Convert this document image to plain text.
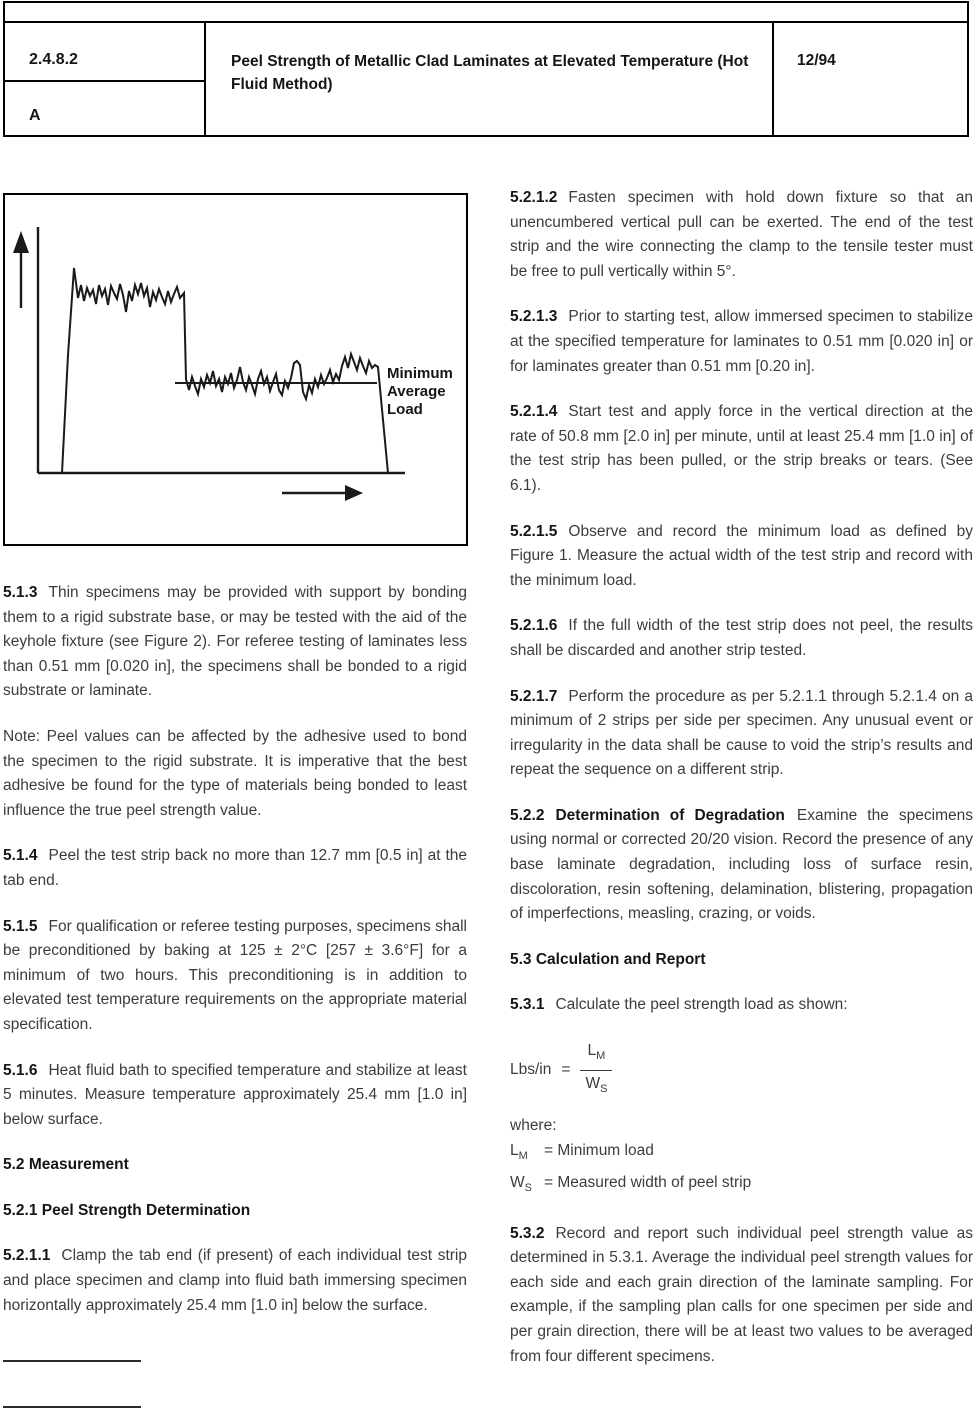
2.4.8.2
A
Peel Strength of Metallic Clad Laminates at Elevated Temperature (Hot Fluid Method)
12/94
Minimum
Average
Load

5.1.3 Thin specimens may be provided with support by bonding them to a rigid substrate base, or may be tested with the aid of the keyhole fixture (see Figure 2). For referee testing of laminates less than 0.51 mm [0.020 in], the specimens shall be bonded to a rigid substrate or laminate.

Note: Peel values can be affected by the adhesive used to bond the specimen to the rigid substrate. It is imperative that the best adhesive be found for the type of materials being bonded to least influence the true peel strength value.

5.1.4 Peel the test strip back no more than 12.7 mm [0.5 in] at the tab end.

5.1.5 For qualification or referee testing purposes, specimens shall be preconditioned by baking at 125 ± 2°C [257 ± 3.6°F] for a minimum of two hours. This preconditioning is in addition to elevated test temperature requirements on the appropriate material specification.

5.1.6 Heat fluid bath to specified temperature and stabilize at least 5 minutes. Measure temperature approximately 25.4 mm [1.0 in] below surface.

5.2 Measurement

5.2.1 Peel Strength Determination

5.2.1.1 Clamp the tab end (if present) of each individual test strip and place specimen and clamp into fluid bath immersing specimen horizontally approximately 25.4 mm [1.0 in] below the surface.

5.2.1.2 Fasten specimen with hold down fixture so that an unencumbered vertical pull can be exerted. The end of the test strip and the wire connecting the clamp to the tensile tester must be free to pull vertically within 5°.

5.2.1.3 Prior to starting test, allow immersed specimen to stabilize at the specified temperature for laminates to 0.51 mm [0.020 in] or for laminates greater than 0.51 mm [0.20 in].

5.2.1.4 Start test and apply force in the vertical direction at the rate of 50.8 mm [2.0 in] per minute, until at least 25.4 mm [1.0 in] of the test strip has been pulled, or the strip breaks or tears. (See 6.1).

5.2.1.5 Observe and record the minimum load as defined by Figure 1. Measure the actual width of the test strip and record with the minimum load.

5.2.1.6 If the full width of the test strip does not peel, the results shall be discarded and another strip tested.

5.2.1.7 Perform the procedure as per 5.2.1.1 through 5.2.1.4 on a minimum of 2 strips per side per specimen. Any unusual event or irregularity in the data shall be cause to void the strip’s results and repeat the sequence on a different strip.

5.2.2 Determination of Degradation Examine the specimens using normal or corrected 20/20 vision. Record the presence of any base laminate degradation, including loss of surface resin, discoloration, resin softening, delamination, blistering, propagation of imperfections, measling, crazing, or voids.

5.3 Calculation and Report

5.3.1 Calculate the peel strength load as shown:

$Lbs/in = \frac{L_M}{W_S}$
where:
$L_M$ = Minimum load
$W_S$ = Measured width of peel strip

5.3.2 Record and report such individual peel strength value as determined in 5.3.1. Average the individual peel strength values for each side and each grain direction of the laminate sampling. For example, if the sampling plan calls for one specimen per side and per grain direction, there will be at least two values to be averaged from four different specimens.
